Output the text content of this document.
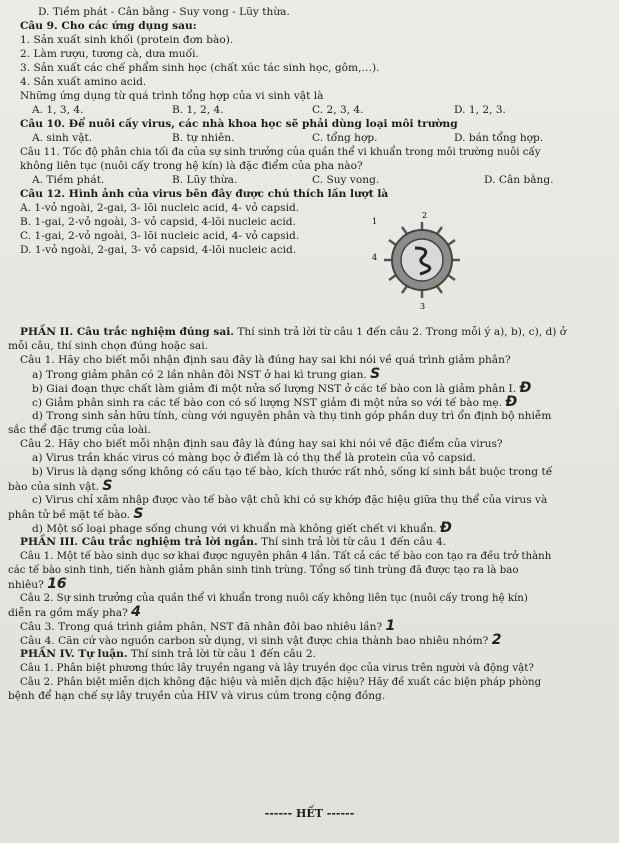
D. Tiềm phát - Cân bằng - Suy vong - Lũy thừa.
Câu 9. Cho các ứng dụng sau:
1. Sản xuất sinh khối (protein đơn bào).
2. Làm rượu, tương cà, dưa muối.
3. Sản xuất các chế phẩm sinh học (chất xúc tác sinh học, gôm,…).
4. Sản xuất amino acid.
Những ứng dụng từ quá trình tổng hợp của vi sinh vật là
A. 1, 3, 4.	B. 1, 2, 4.	C. 2, 3, 4.	D. 1, 2, 3.
Câu 10. Để nuôi cấy virus, các nhà khoa học sẽ phải dùng loại môi trường
A. sinh vật.	B. tự nhiên.	C. tổng hợp.	D. bán tổng hợp.
Câu 11. Tốc độ phân chia tối đa của sự sinh trưởng của quần thể vi khuẩn trong môi trường nuôi cấy
không liên tục (nuôi cấy trong hệ kín) là đặc điểm của pha nào?
A. Tiềm phát.	B. Lũy thừa.	C. Suy vong.	D. Cân bằng.
Câu 12. Hình ảnh của virus bên đây được chú thích lần lượt là
A. 1-vỏ ngoài, 2-gai, 3- lõi nucleic acid, 4- vỏ capsid.
B. 1-gai, 2-vỏ ngoài, 3- vỏ capsid, 4-lõi nucleic acid.
C. 1-gai, 2-vỏ ngoài, 3- lõi nucleic acid, 4- vỏ capsid.
D. 1-vỏ ngoài, 2-gai, 3- vỏ capsid, 4-lõi nucleic acid.
1
2
3
4
PHẦN II. Câu trắc nghiệm đúng sai. Thí sinh trả lời từ câu 1 đến câu 2. Trong mỗi ý a), b), c), d) ở
mỗi câu, thí sinh chọn đúng hoặc sai.
Câu 1. Hãy cho biết mỗi nhận định sau đây là đúng hay sai khi nói về quá trình giảm phân?
a) Trong giảm phân có 2 lần nhân đôi NST ở hai kì trung gian. S
b) Giai đoạn thực chất làm giảm đi một nửa số lượng NST ở các tế bào con là giảm phân I. Đ
c) Giảm phân sinh ra các tế bào con có số lượng NST giảm đi một nửa so với tế bào mẹ. Đ
d) Trong sinh sản hữu tính, cùng với nguyên phân và thụ tinh góp phần duy trì ổn định bộ nhiễm
sắc thể đặc trưng của loài.
Câu 2. Hãy cho biết mỗi nhận định sau đây là đúng hay sai khi nói về đặc điểm của virus?
a) Virus trần khác virus có màng bọc ở điểm là có thụ thể là protein của vỏ capsid.
b) Virus là dạng sống không có cấu tạo tế bào, kích thước rất nhỏ, sống kí sinh bắt buộc trong tế
bào của sinh vật. S
c) Virus chỉ xâm nhập được vào tế bào vật chủ khi có sự khớp đặc hiệu giữa thụ thể của virus và
phân tử bề mặt tế bào. S
d) Một số loại phage sống chung với vi khuẩn mà không giết chết vi khuẩn. Đ
PHẦN III. Câu trắc nghiệm trả lời ngắn. Thí sinh trả lời từ câu 1 đến câu 4.
Câu 1. Một tế bào sinh dục sơ khai được nguyên phân 4 lần. Tất cả các tế bào con tạo ra đều trở thành
các tế bào sinh tinh, tiến hành giảm phân sinh tinh trùng. Tổng số tinh trùng đã được tạo ra là bao
nhiêu? 16
Câu 2. Sự sinh trưởng của quần thể vi khuẩn trong nuôi cấy không liên tục (nuôi cấy trong hệ kín)
diễn ra gồm mấy pha? 4
Câu 3. Trong quá trình giảm phân, NST đã nhân đôi bao nhiêu lần? 1
Câu 4. Căn cứ vào nguồn carbon sử dụng, vi sinh vật được chia thành bao nhiêu nhóm? 2
PHẦN IV. Tự luận. Thí sinh trả lời từ câu 1 đến câu 2.
Câu 1. Phân biệt phương thức lây truyền ngang và lây truyền dọc của virus trên người và động vật?
Câu 2. Phân biệt miễn dịch không đặc hiệu và miễn dịch đặc hiệu? Hãy đề xuất các biện pháp phòng
bệnh để hạn chế sự lây truyền của HIV và virus cúm trong cộng đồng.
------ HẾT ------
